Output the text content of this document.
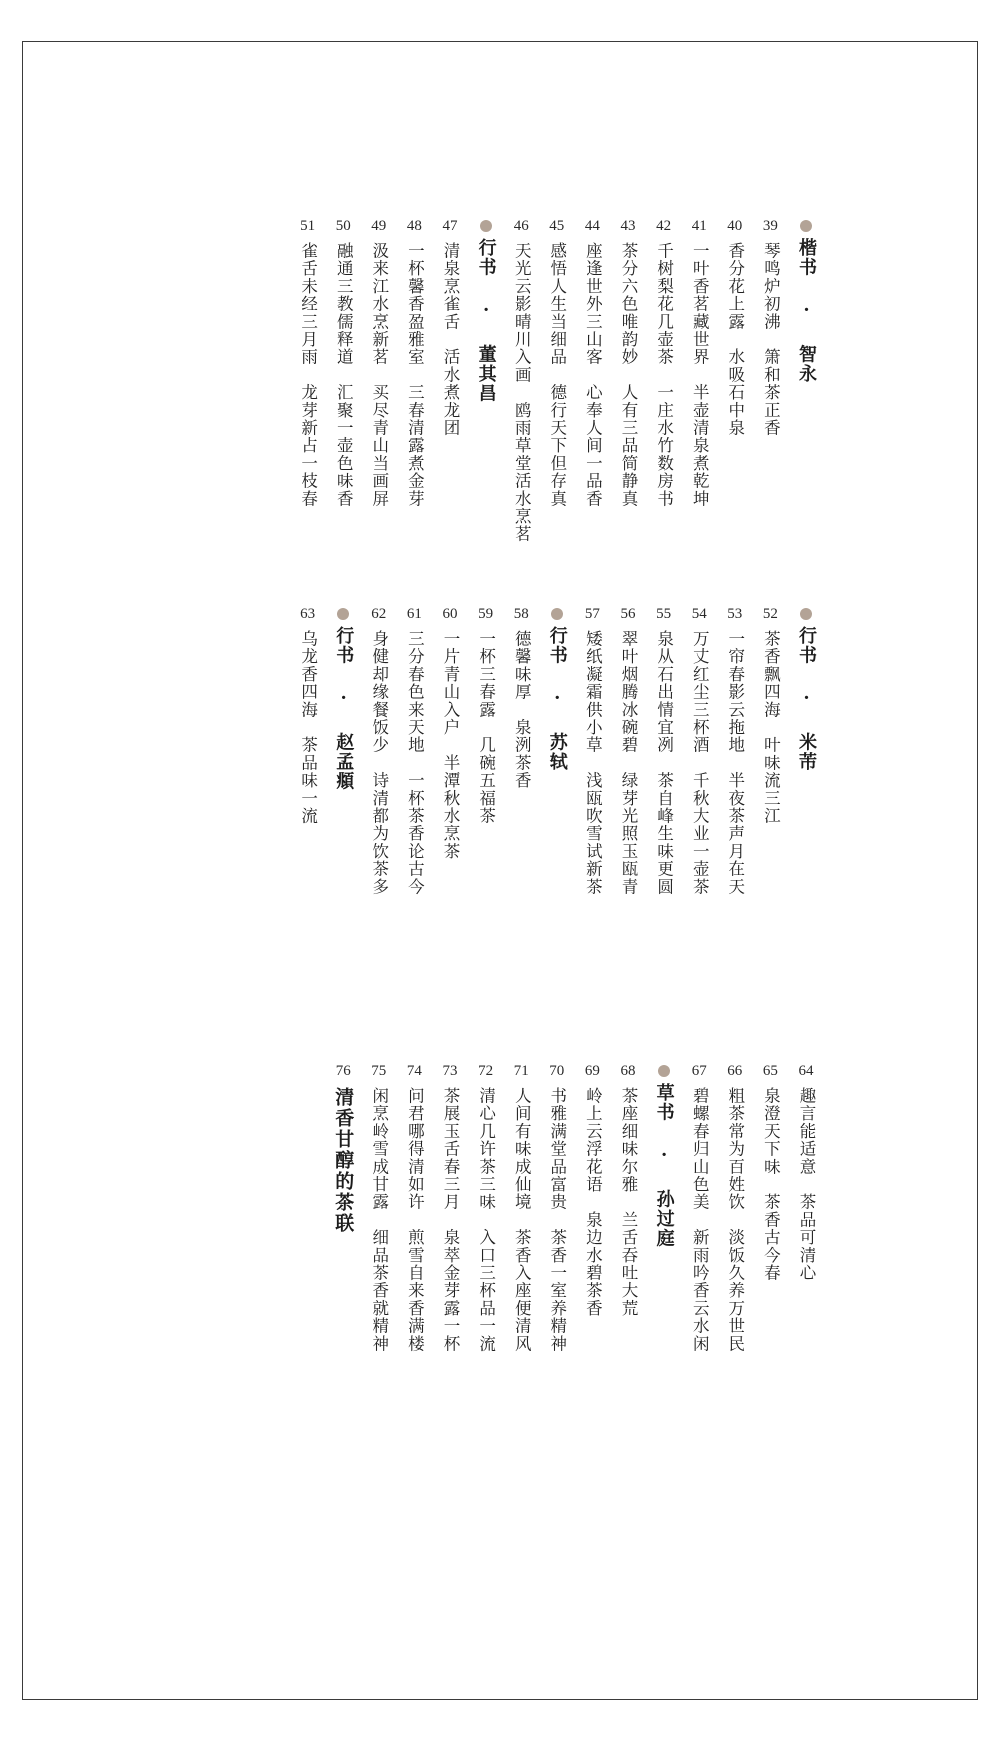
楷书 · 智永
39
琴鸣炉初沸　箫和茶正香
40
香分花上露　水吸石中泉
41
一叶香茗藏世界　半壶清泉煮乾坤
42
千树梨花几壶茶　一庄水竹数房书
43
茶分六色唯韵妙　人有三品简静真
44
座逢世外三山客　心奉人间一品香
45
感悟人生当细品　德行天下但存真
46
天光云影晴川入画　鸥雨草堂活水烹茗
行书 · 董其昌
47
清泉烹雀舌　活水煮龙团
48
一杯馨香盈雅室　三春清露煮金芽
49
汲来江水烹新茗　买尽青山当画屏
50
融通三教儒释道　汇聚一壶色味香
51
雀舌未经三月雨　龙芽新占一枝春
行书 · 米芾
52
茶香飘四海　叶味流三江
53
一帘春影云拖地　半夜茶声月在天
54
万丈红尘三杯酒　千秋大业一壶茶
55
泉从石出情宜冽　茶自峰生味更圆
56
翠叶烟腾冰碗碧　绿芽光照玉瓯青
57
矮纸凝霜供小草　浅瓯吹雪试新茶
行书 · 苏轼
58
德馨味厚　泉洌茶香
59
一杯三春露　几碗五福茶
60
一片青山入户　半潭秋水烹茶
61
三分春色来天地　一杯茶香论古今
62
身健却缘餐饭少　诗清都为饮茶多
行书 · 赵孟頫
63
乌龙香四海　茶品味一流
64
趣言能适意　茶品可清心
65
泉澄天下味　茶香古今春
66
粗茶常为百姓饮　淡饭久养万世民
67
碧螺春归山色美　新雨吟香云水闲
草书 · 孙过庭
68
茶座细味尔雅　兰舌吞吐大荒
69
岭上云浮花语　泉边水碧茶香
70
书雅满堂品富贵　茶香一室养精神
71
人间有味成仙境　茶香入座便清风
72
清心几许茶三味　入口三杯品一流
73
茶展玉舌春三月　泉萃金芽露一杯
74
问君哪得清如许　煎雪自来香满楼
75
闲烹岭雪成甘露　细品茶香就精神
76
清香甘醇的茶联
